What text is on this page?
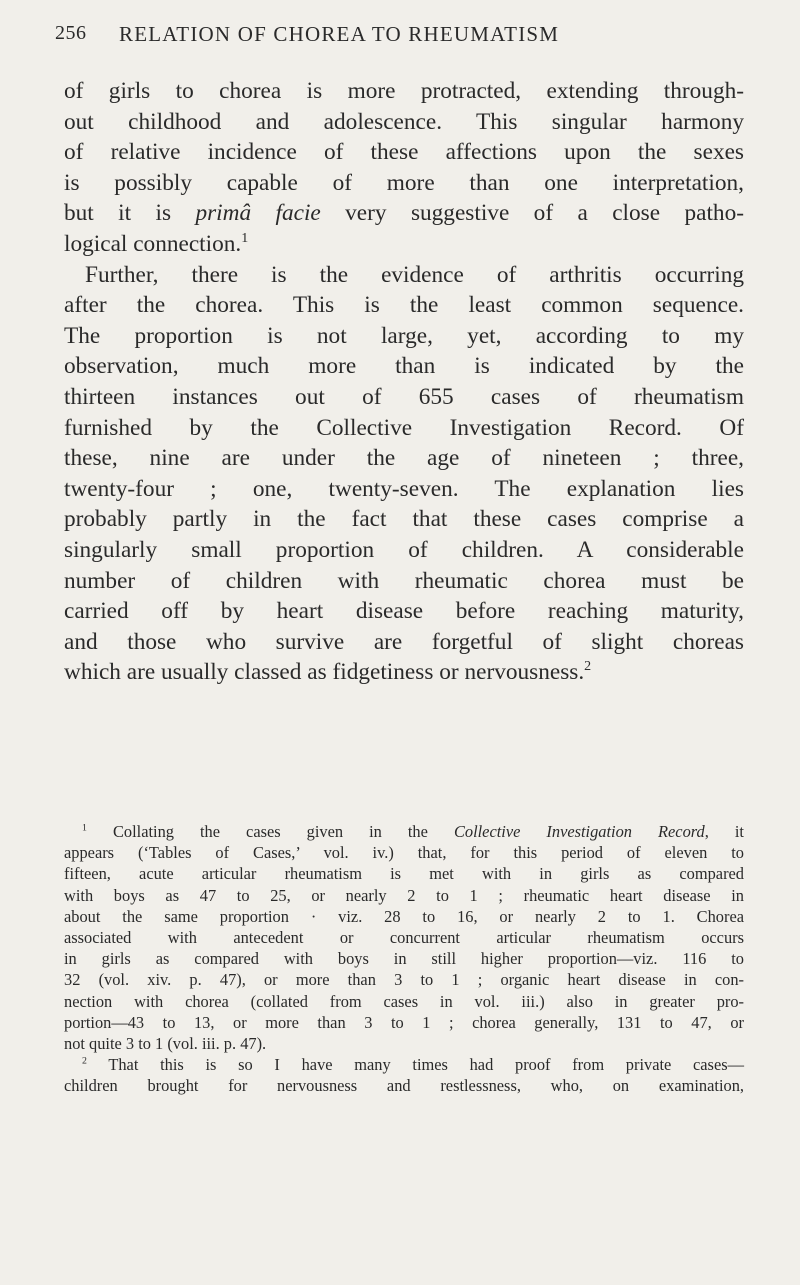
256 RELATION OF CHOREA TO RHEUMATISM
of girls to chorea is more protracted, extending through-
out childhood and adolescence. This singular harmony
of relative incidence of these affections upon the sexes
is possibly capable of more than one interpretation,
but it is primâ facie very suggestive of a close patho-
logical connection.$^1$
Further, there is the evidence of arthritis occurring
after the chorea. This is the least common sequence.
The proportion is not large, yet, according to my
observation, much more than is indicated by the
thirteen instances out of 655 cases of rheumatism
furnished by the Collective Investigation Record. Of
these, nine are under the age of nineteen ; three,
twenty-four ; one, twenty-seven. The explanation lies
probably partly in the fact that these cases comprise a
singularly small proportion of children. A considerable
number of children with rheumatic chorea must be
carried off by heart disease before reaching maturity,
and those who survive are forgetful of slight choreas
which are usually classed as fidgetiness or nervousness.$^2$
$^1$ Collating the cases given in the Collective Investigation Record, it
appears (‘Tables of Cases,’ vol. iv.) that, for this period of eleven to
fifteen, acute articular rheumatism is met with in girls as compared
with boys as 47 to 25, or nearly 2 to 1 ; rheumatic heart disease in
about the same proportion · viz. 28 to 16, or nearly 2 to 1. Chorea
associated with antecedent or concurrent articular rheumatism occurs
in girls as compared with boys in still higher proportion—viz. 116 to
32 (vol. xiv. p. 47), or more than 3 to 1 ; organic heart disease in con-
nection with chorea (collated from cases in vol. iii.) also in greater pro-
portion—43 to 13, or more than 3 to 1 ; chorea generally, 131 to 47, or
not quite 3 to 1 (vol. iii. p. 47).
$^2$ That this is so I have many times had proof from private cases—
children brought for nervousness and restlessness, who, on examination,
